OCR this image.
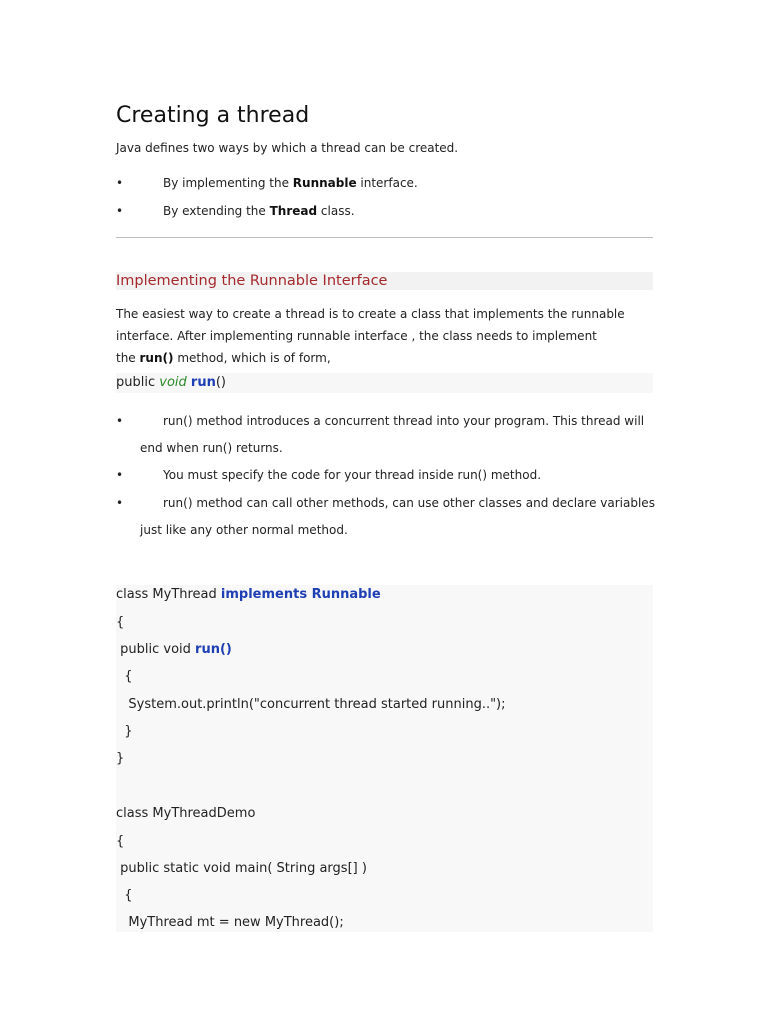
Creating a thread
Java defines two ways by which a thread can be created.
•	By implementing the Runnable interface.
•	By extending the Thread class.
Implementing the Runnable Interface
The easiest way to create a thread is to create a class that implements the runnable
interface. After implementing runnable interface , the class needs to implement
the run() method, which is of form,
public void run()
•	run() method introduces a concurrent thread into your program. This thread will
end when run() returns.
•	You must specify the code for your thread inside run() method.
•	run() method can call other methods, can use other classes and declare variables
just like any other normal method.
class MyThread implements Runnable
{
public void run()
{
System.out.println("concurrent thread started running..");
}
}
class MyThreadDemo
{
public static void main( String args[] )
{
MyThread mt = new MyThread();
